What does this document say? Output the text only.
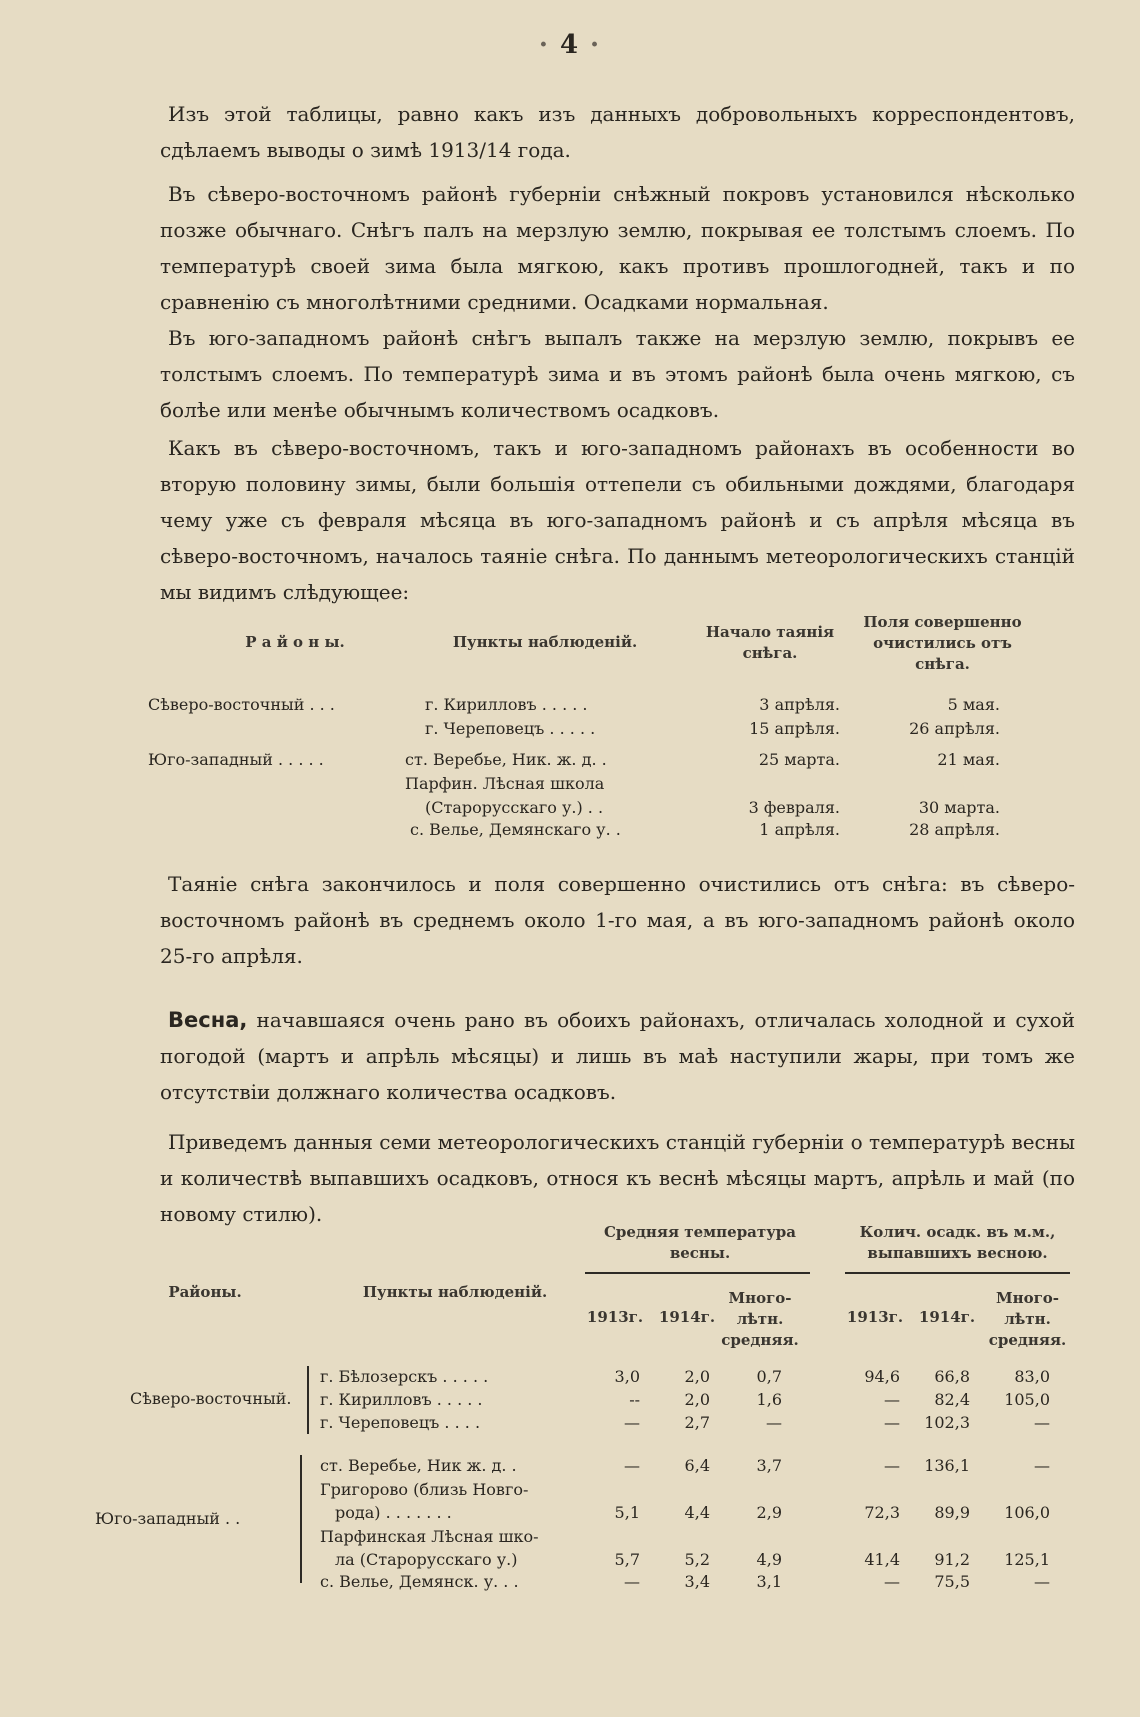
· 4 ·

Изъ этой таблицы, равно какъ изъ данныхъ добровольныхъ корреспондентовъ, сдѣлаемъ выводы о зимѣ 1913/14 года.

Въ сѣверо-восточномъ районѣ губерніи снѣжный покровъ установился нѣсколько позже обычнаго. Снѣгъ палъ на мерзлую землю, покрывая ее толстымъ слоемъ. По температурѣ своей зима была мягкою, какъ противъ прошлогодней, такъ и по сравненію съ многолѣтними средними. Осадками нормальная.

Въ юго-западномъ районѣ снѣгъ выпалъ также на мерзлую землю, покрывъ ее толстымъ слоемъ. По температурѣ зима и въ этомъ районѣ была очень мягкою, съ болѣе или менѣе обычнымъ количествомъ осадковъ.

Какъ въ сѣверо-восточномъ, такъ и юго-западномъ районахъ въ особенности во вторую половину зимы, были большія оттепели съ обильными дождями, благодаря чему уже съ февраля мѣсяца въ юго-западномъ районѣ и съ апрѣля мѣсяца въ сѣверо-восточномъ, началось таяніе снѣга. По даннымъ метеорологическихъ станцій мы видимъ слѣдующее:

Р а й о н ы.	Пункты наблюденій.
Начало таянія снѣга.
Поля совершенно очистились отъ снѣга.
Сѣверо-восточный . . .	г. Кирилловъ . . . . .	3 апрѣля.	5 мая.
г. Череповецъ . . . . .	15 апрѣля.	26 апрѣля.
Юго-западный . . . . .	ст. Веребье, Ник. ж. д. .	25 марта.	21 мая.
Парфин. Лѣсная школа
(Старорусскаго у.) . .	3 февраля.	30 марта.
с. Велье, Демянскаго у. .	1 апрѣля.	28 апрѣля.

Таяніе снѣга закончилось и поля совершенно очистились отъ снѣга: въ сѣверо-восточномъ районѣ въ среднемъ около 1-го мая, а въ юго-западномъ районѣ около 25-го апрѣля.

Весна, начавшаяся очень рано въ обоихъ районахъ, отличалась холодной и сухой погодой (мартъ и апрѣль мѣсяцы) и лишь въ маѣ наступили жары, при томъ же отсутствіи должнаго количества осадковъ.

Приведемъ данныя семи метеорологическихъ станцій губерніи о температурѣ весны и количествѣ выпавшихъ осадковъ, относя къ веснѣ мѣсяцы мартъ, апрѣль и май (по новому стилю).

Средняя температура весны.
Колич. осадк. въ м.м., выпавшихъ весною.
Районы.	Пункты наблюденій.
1913г.	1914г.
Много-лѣтн. средняя.
1913г.	1914г.
Много-лѣтн. средняя.
Сѣверо-восточный.
г. Бѣлозерскъ . . . . .	3,0	2,0	0,7	94,6	66,8	83,0
г. Кирилловъ . . . . .	--	2,0	1,6	—	82,4	105,0
г. Череповецъ . . . .	—	2,7	—	—	102,3	—
Юго-западный . .
ст. Веребье, Ник ж. д. .	—	6,4	3,7	—	136,1	—
Григорово (близь Новго-
рода) . . . . . . .	5,1	4,4	2,9	72,3	89,9	106,0
Парфинская Лѣсная шко-
ла (Старорусскаго у.)	5,7	5,2	4,9	41,4	91,2	125,1
с. Велье, Демянск. у. . .	—	3,4	3,1	—	75,5	—
